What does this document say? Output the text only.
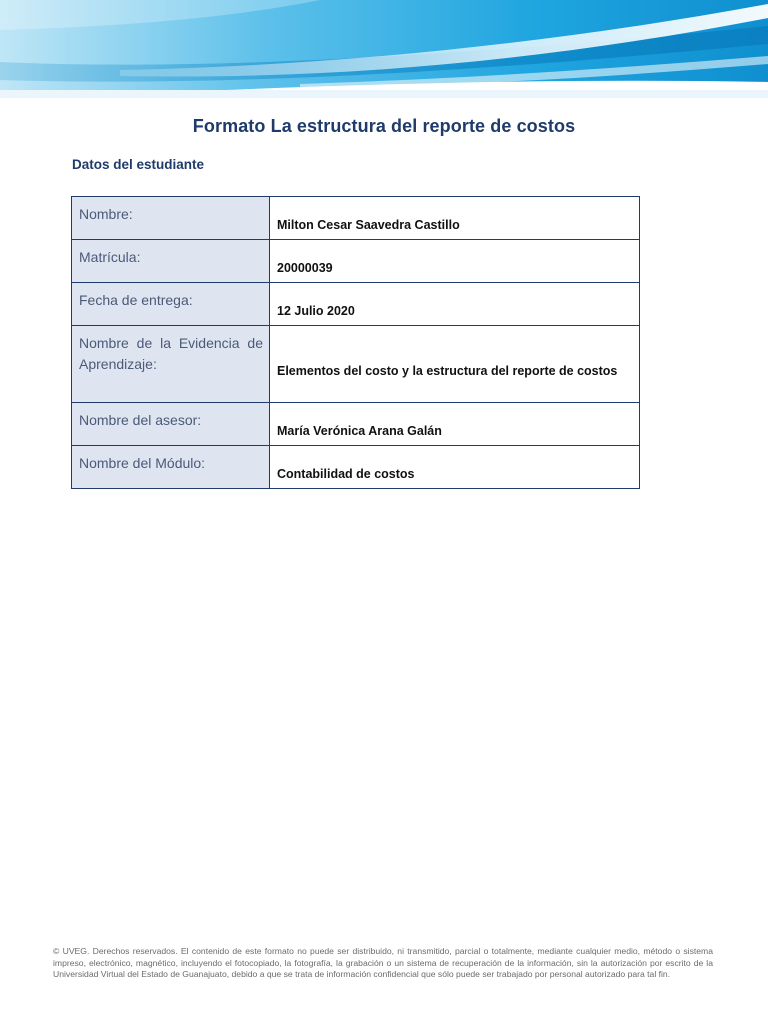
Formato La estructura del reporte de costos
Datos del estudiante
Nombre:	Milton Cesar Saavedra Castillo
Matrícula:	20000039
Fecha de entrega:	12 Julio 2020
Nombre de la Evidencia de Aprendizaje:	Elementos del costo y la estructura del reporte de costos
Nombre del asesor:	María Verónica Arana Galán
Nombre del Módulo:	Contabilidad de costos
© UVEG. Derechos reservados. El contenido de este formato no puede ser distribuido, ni transmitido, parcial o totalmente, mediante cualquier medio, método o sistema impreso, electrónico, magnético, incluyendo el fotocopiado, la fotografía, la grabación o un sistema de recuperación de la información, sin la autorización por escrito de la Universidad Virtual del Estado de Guanajuato, debido a que se trata de información confidencial que sólo puede ser trabajado por personal autorizado para tal fin.
